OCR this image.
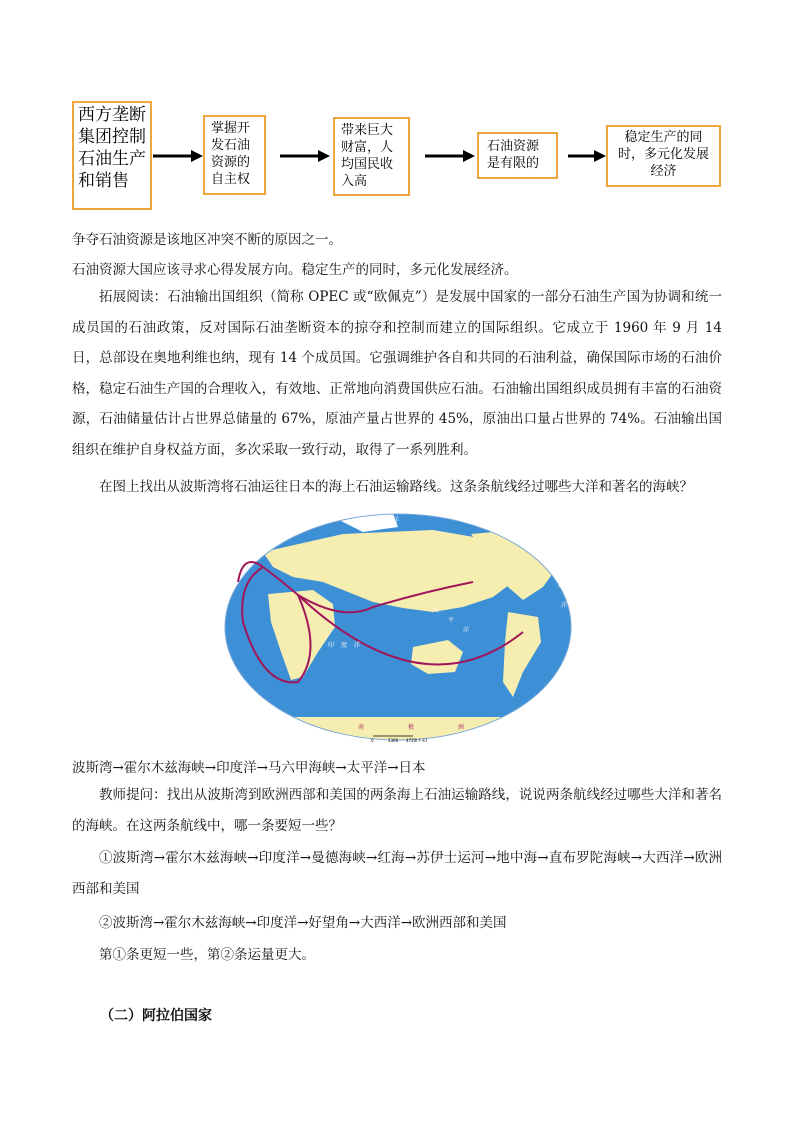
西方垄断集团控制石油生产和销售
掌握开发石油资源的自主权
带来巨大财富，人均国民收入高
石油资源是有限的
稳定生产的同时，多元化发展经济
争夺石油资源是该地区冲突不断的原因之一。
石油资源大国应该寻求心得发展方向。稳定生产的同时，多元化发展经济。

拓展阅读：石油输出国组织（简称 OPEC 或“欧佩克”）是发展中国家的一部分石油生产国为协调和统一成员国的石油政策，反对国际石油垄断资本的掠夺和控制而建立的国际组织。它成立于 1960 年 9 月 14 日，总部设在奥地利维也纳，现有 14 个成员国。它强调维护各自和共同的石油利益，确保国际市场的石油价格，稳定石油生产国的合理收入，有效地、正常地向消费国供应石油。石油输出国组织成员拥有丰富的石油资源，石油储量估计占世界总储量的 67%，原油产量占世界的 45%，原油出口量占世界的 74%。石油输出国组织在维护自身权益方面，多次采取一致行动，取得了一系列胜利。

在图上找出从波斯湾将石油运往日本的海上石油运输路线。这条条航线经过哪些大洋和著名的海峡？
北 冰 洋
大
西
洋
印 度 洋
太
平
洋
南	极	洲
0	2360 4720(千米)
波斯湾→霍尔木兹海峡→印度洋→马六甲海峡→太平洋→日本

教师提问：找出从波斯湾到欧洲西部和美国的两条海上石油运输路线，说说两条航线经过哪些大洋和著名的海峡。在这两条航线中，哪一条要短一些？

①波斯湾→霍尔木兹海峡→印度洋→曼德海峡→红海→苏伊士运河→地中海→直布罗陀海峡→大西洋→欧洲西部和美国

②波斯湾→霍尔木兹海峡→印度洋→好望角→大西洋→欧洲西部和美国
第①条更短一些，第②条运量更大。
（二）阿拉伯国家
